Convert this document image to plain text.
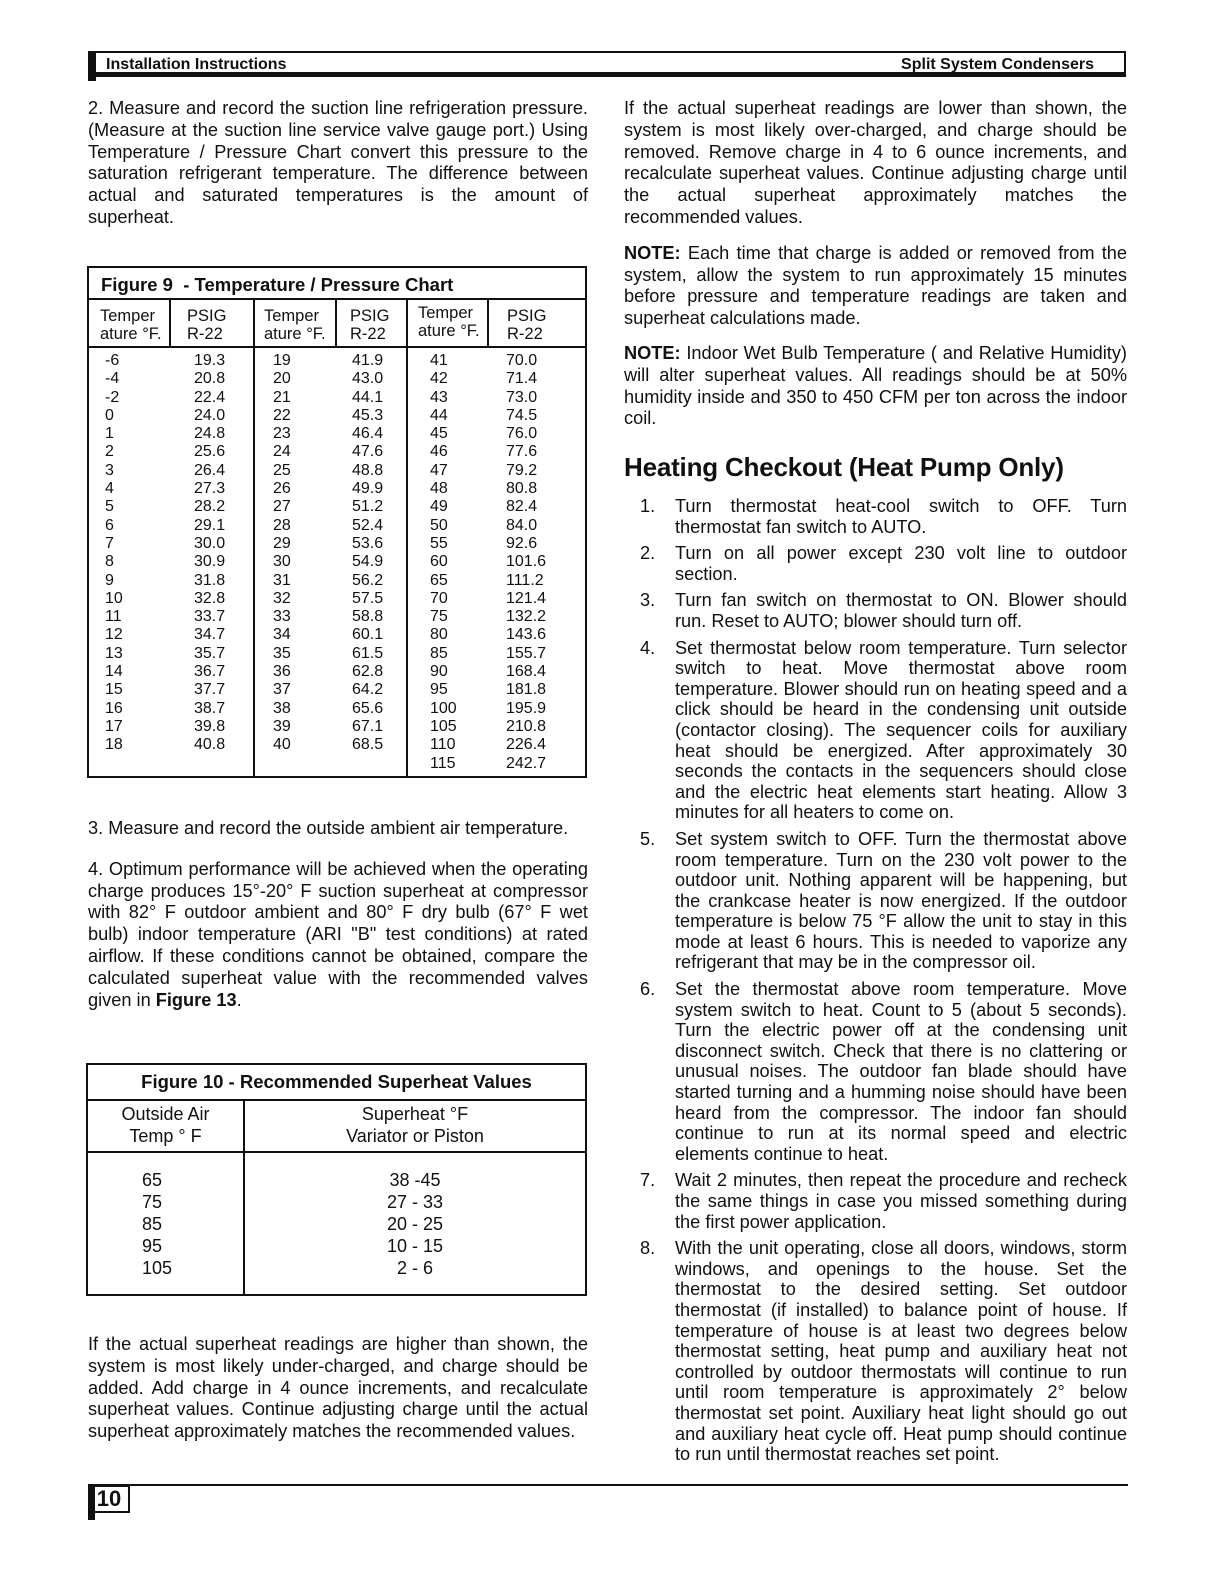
Installation Instructions	Split System Condensers

2. Measure and record the suction line refrigeration pressure. (Measure at the suction line service valve gauge port.) Using Temperature / Pressure Chart convert this pressure to the saturation refrigerant temperature. The difference between actual and saturated temperatures is the amount of superheat.

Figure 9 - Temperature / Pressure Chart
Temper
ature °F.
PSIG
R-22
Temper
ature °F.
PSIG
R-22
Temper
ature °F.
PSIG
R-22
-6
-4
-2
0
1
2
3
4
5
6
7
8
9
10
11
12
13
14
15
16
17
18
19.3
20.8
22.4
24.0
24.8
25.6
26.4
27.3
28.2
29.1
30.0
30.9
31.8
32.8
33.7
34.7
35.7
36.7
37.7
38.7
39.8
40.8
19
20
21
22
23
24
25
26
27
28
29
30
31
32
33
34
35
36
37
38
39
40
41.9
43.0
44.1
45.3
46.4
47.6
48.8
49.9
51.2
52.4
53.6
54.9
56.2
57.5
58.8
60.1
61.5
62.8
64.2
65.6
67.1
68.5
41
42
43
44
45
46
47
48
49
50
55
60
65
70
75
80
85
90
95
100
105
110
115
70.0
71.4
73.0
74.5
76.0
77.6
79.2
80.8
82.4
84.0
92.6
101.6
111.2
121.4
132.2
143.6
155.7
168.4
181.8
195.9
210.8
226.4
242.7

3. Measure and record the outside ambient air temperature.

4. Optimum performance will be achieved when the operating charge produces 15°-20° F suction superheat at compressor with 82° F outdoor ambient and 80° F dry bulb (67° F wet bulb) indoor temperature (ARI "B" test conditions) at rated airflow. If these conditions cannot be obtained, compare the calculated superheat value with the recommended valves given in Figure 13.

Figure 10 - Recommended Superheat Values
Outside Air
Temp ° F
Superheat °F
Variator or Piston
65
75
85
95
105
38 -45
27 - 33
20 - 25
10 - 15
2 - 6

If the actual superheat readings are higher than shown, the system is most likely under-charged, and charge should be added. Add charge in 4 ounce increments, and recalculate superheat values. Continue adjusting charge until the actual superheat approximately matches the recommended values.

If the actual superheat readings are lower than shown, the system is most likely over-charged, and charge should be removed. Remove charge in 4 to 6 ounce increments, and recalculate superheat values. Continue adjusting charge until the actual superheat approximately matches the recommended values.

NOTE: Each time that charge is added or removed from the system, allow the system to run approximately 15 minutes before pressure and temperature readings are taken and superheat calculations made.

NOTE: Indoor Wet Bulb Temperature ( and Relative Humidity) will alter superheat values. All readings should be at 50% humidity inside and 350 to 450 CFM per ton across the indoor coil.

Heating Checkout (Heat Pump Only)
1. Turn thermostat heat-cool switch to OFF. Turn thermostat fan switch to AUTO.
2. Turn on all power except 230 volt line to outdoor section.
3. Turn fan switch on thermostat to ON. Blower should run. Reset to AUTO; blower should turn off.
4. Set thermostat below room temperature. Turn selector switch to heat. Move thermostat above room temperature. Blower should run on heating speed and a click should be heard in the condensing unit outside (contactor closing). The sequencer coils for auxiliary heat should be energized. After approximately 30 seconds the contacts in the sequencers should close and the electric heat elements start heating. Allow 3 minutes for all heaters to come on.
5. Set system switch to OFF. Turn the thermostat above room temperature. Turn on the 230 volt power to the outdoor unit. Nothing apparent will be happening, but the crankcase heater is now energized. If the outdoor temperature is below 75 °F allow the unit to stay in this mode at least 6 hours. This is needed to vaporize any refrigerant that may be in the compressor oil.
6. Set the thermostat above room temperature. Move system switch to heat. Count to 5 (about 5 seconds). Turn the electric power off at the condensing unit disconnect switch. Check that there is no clattering or unusual noises. The outdoor fan blade should have started turning and a humming noise should have been heard from the compressor. The indoor fan should continue to run at its normal speed and electric elements continue to heat.
7. Wait 2 minutes, then repeat the procedure and recheck the same things in case you missed something during the first power application.
8. With the unit operating, close all doors, windows, storm windows, and openings to the house. Set the thermostat to the desired setting. Set outdoor thermostat (if installed) to balance point of house. If temperature of house is at least two degrees below thermostat setting, heat pump and auxiliary heat not controlled by outdoor thermostats will continue to run until room temperature is approximately 2° below thermostat set point. Auxiliary heat light should go out and auxiliary heat cycle off. Heat pump should continue to run until thermostat reaches set point.
10
